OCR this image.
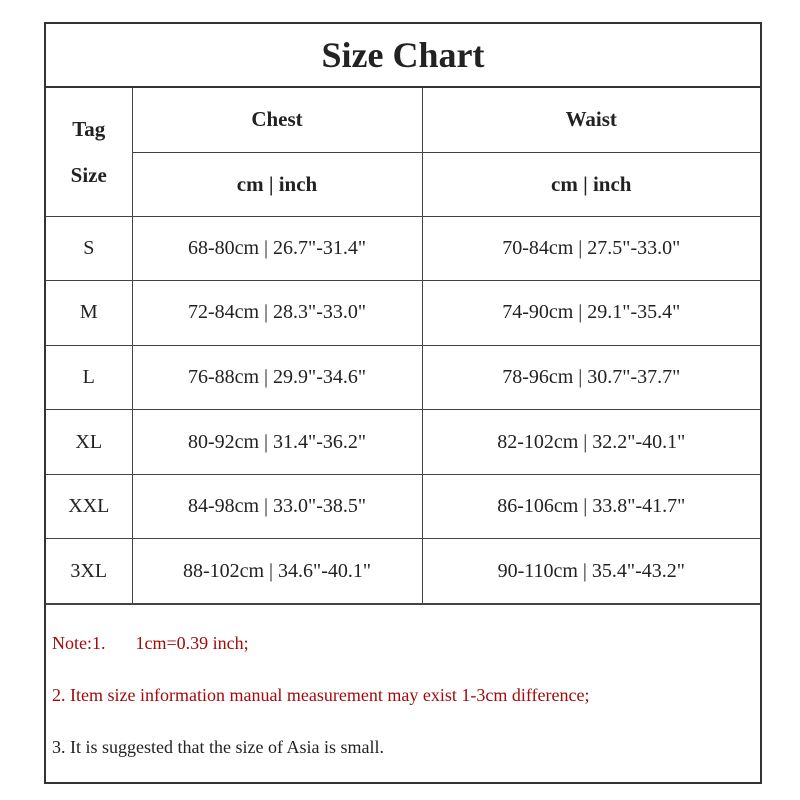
Size Chart
Tag
Size	Chest	Waist
	cm | inch	cm | inch
S	68-80cm | 26.7"-31.4"	70-84cm | 27.5"-33.0"
M	72-84cm | 28.3"-33.0"	74-90cm | 29.1"-35.4"
L	76-88cm | 29.9"-34.6"	78-96cm | 30.7"-37.7"
XL	80-92cm | 31.4"-36.2"	82-102cm | 32.2"-40.1"
XXL	84-98cm | 33.0"-38.5"	86-106cm | 33.8"-41.7"
3XL	88-102cm | 34.6"-40.1"	90-110cm | 35.4"-43.2"
Note:1. 1cm=0.39 inch;
2. Item size information manual measurement may exist 1-3cm difference;
3. It is suggested that the size of Asia is small.
